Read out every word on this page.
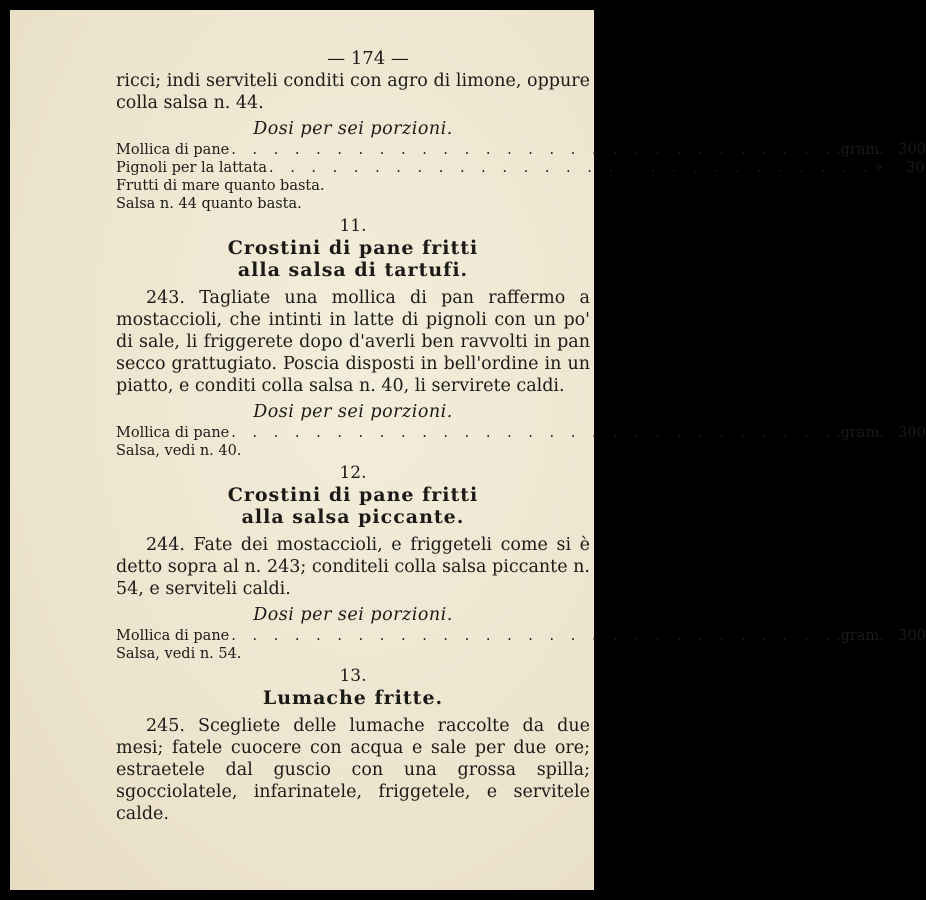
— 174 —

ricci; indi serviteli conditi con agro di limone, oppure colla salsa n. 44.

Dosi per sei porzioni.
Mollica di pane . . . . . . . . . . . . . . . . . . . . . . . . . . . . . .gram. 300
Pignoli per la lattata . . . . . . . . . . . . . . . . . . . . . . . . . . . . . »	30
Frutti di mare quanto basta.
Salsa n. 44 quanto basta.
11.
Crostini di pane fritti
alla salsa di tartufi.

243. Tagliate una mollica di pan raffermo a mostaccioli, che intinti in latte di pignoli con un po' di sale, li friggerete dopo d'averli ben ravvolti in pan secco grattugiato. Poscia disposti in bell'ordine in un piatto, e conditi colla salsa n. 40, li servirete caldi.

Dosi per sei porzioni.
Mollica di pane . . . . . . . . . . . . . . . . . . . . . . . . . . . . . .gram. 300
Salsa, vedi n. 40.
12.
Crostini di pane fritti
alla salsa piccante.

244. Fate dei mostaccioli, e friggeteli come si è detto sopra al n. 243; conditeli colla salsa piccante n. 54, e serviteli caldi.

Dosi per sei porzioni.
Mollica di pane . . . . . . . . . . . . . . . . . . . . . . . . . . . . . .gram. 300
Salsa, vedi n. 54.
13.
Lumache fritte.

245. Scegliete delle lumache raccolte da due mesi; fatele cuocere con acqua e sale per due ore; estraetele dal guscio con una grossa spilla; sgocciolatele, infarinatele, friggetele, e servitele calde.
